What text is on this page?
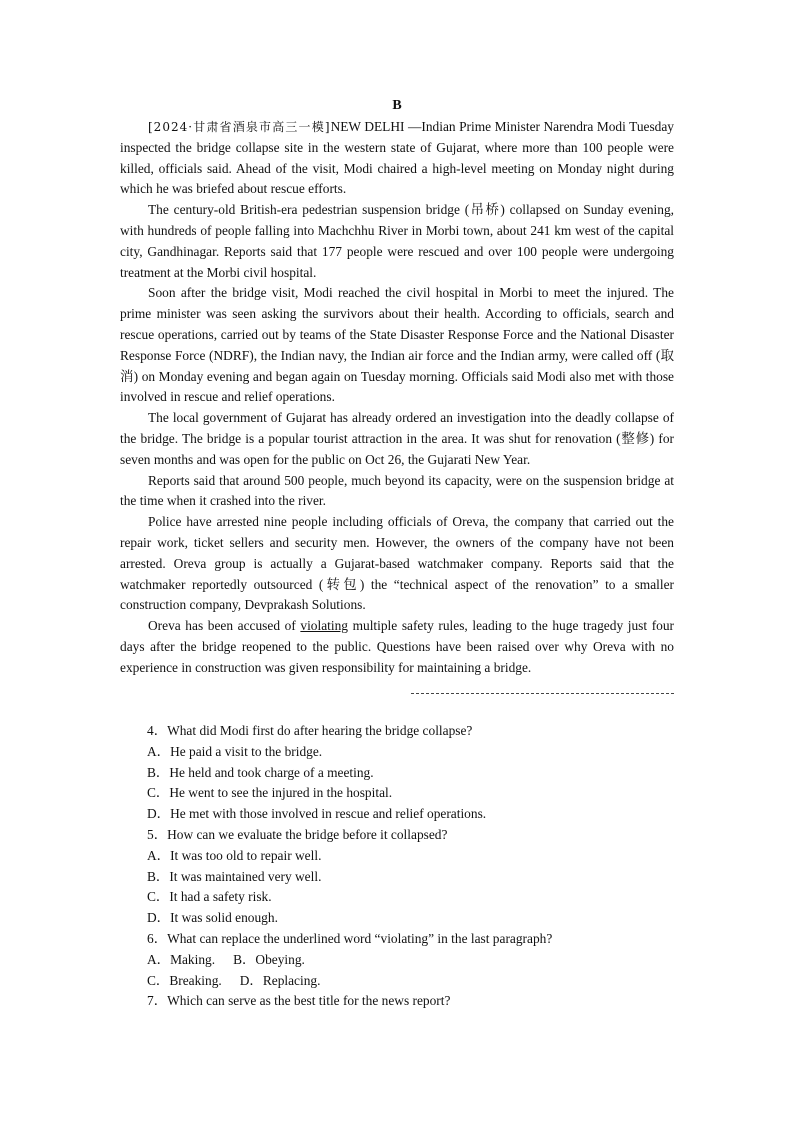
B

[2024·甘肃省酒泉市高三一模]NEW DELHI —Indian Prime Minister Narendra Modi Tuesday inspected the bridge collapse site in the western state of Gujarat, where more than 100 people were killed, officials said. Ahead of the visit, Modi chaired a high-level meeting on Monday night during which he was briefed about rescue efforts.

The century-old British-era pedestrian suspension bridge (吊桥) collapsed on Sunday evening, with hundreds of people falling into Machchhu River in Morbi town, about 241 km west of the capital city, Gandhinagar. Reports said that 177 people were rescued and over 100 people were undergoing treatment at the Morbi civil hospital.

Soon after the bridge visit, Modi reached the civil hospital in Morbi to meet the injured. The prime minister was seen asking the survivors about their health. According to officials, search and rescue operations, carried out by teams of the State Disaster Response Force and the National Disaster Response Force (NDRF), the Indian navy, the Indian air force and the Indian army, were called off (取消) on Monday evening and began again on Tuesday morning. Officials said Modi also met with those involved in rescue and relief operations.

The local government of Gujarat has already ordered an investigation into the deadly collapse of the bridge. The bridge is a popular tourist attraction in the area. It was shut for renovation (整修) for seven months and was open for the public on Oct 26, the Gujarati New Year.

Reports said that around 500 people, much beyond its capacity, were on the suspension bridge at the time when it crashed into the river.

Police have arrested nine people including officials of Oreva, the company that carried out the repair work, ticket sellers and security men. However, the owners of the company have not been arrested. Oreva group is actually a Gujarat-based watchmaker company. Reports said that the watchmaker reportedly outsourced (转包) the “technical aspect of the renovation” to a smaller construction company, Devprakash Solutions.

Oreva has been accused of violating multiple safety rules, leading to the huge tragedy just four days after the bridge reopened to the public. Questions have been raised over why Oreva with no experience in construction was given responsibility for maintaining a bridge.

4．What did Modi first do after hearing the bridge collapse?

A．He paid a visit to the bridge.

B．He held and took charge of a meeting.

C．He went to see the injured in the hospital.

D．He met with those involved in rescue and relief operations.

5．How can we evaluate the bridge before it collapsed?

A．It was too old to repair well.

B．It was maintained very well.

C．It had a safety risk.

D．It was solid enough.

6．What can replace the underlined word “violating” in the last paragraph?

A．Making. B．Obeying.

C．Breaking. D．Replacing.

7．Which can serve as the best title for the news report?
